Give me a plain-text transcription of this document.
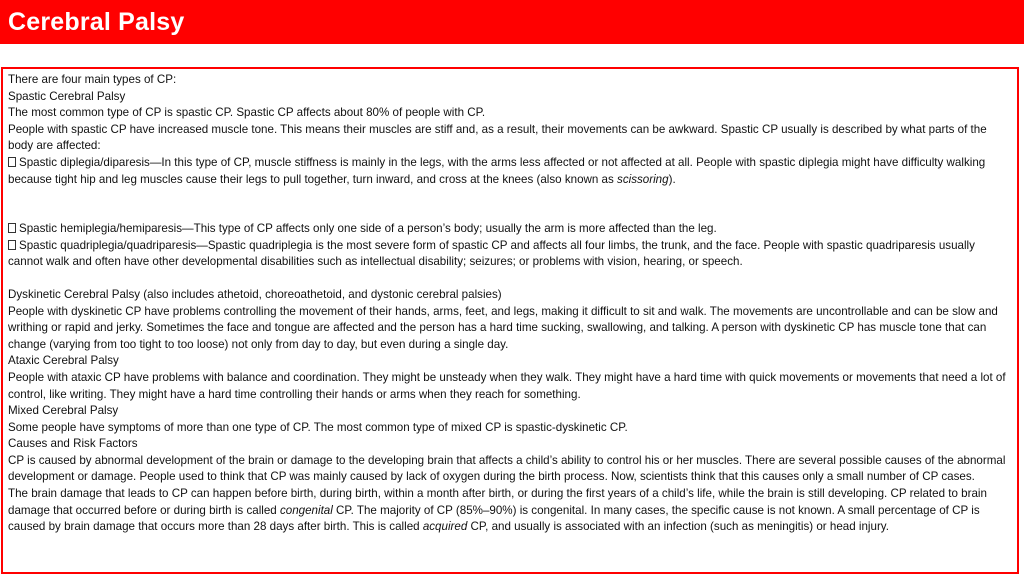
Cerebral Palsy

There are four main types of CP:

Spastic Cerebral Palsy

The most common type of CP is spastic CP. Spastic CP affects about 80% of people with CP.

People with spastic CP have increased muscle tone. This means their muscles are stiff and, as a result, their movements can be awkward. Spastic CP usually is described by what parts of the body are affected:

Spastic diplegia/diparesis—In this type of CP, muscle stiffness is mainly in the legs, with the arms less affected or not affected at all. People with spastic diplegia might have difficulty walking because tight hip and leg muscles cause their legs to pull together, turn inward, and cross at the knees (also known as scissoring).

Spastic hemiplegia/hemiparesis—This type of CP affects only one side of a person’s body; usually the arm is more affected than the leg.

Spastic quadriplegia/quadriparesis—Spastic quadriplegia is the most severe form of spastic CP and affects all four limbs, the trunk, and the face. People with spastic quadriparesis usually cannot walk and often have other developmental disabilities such as intellectual disability; seizures; or problems with vision, hearing, or speech.

Dyskinetic Cerebral Palsy (also includes athetoid, choreoathetoid, and dystonic cerebral palsies)

People with dyskinetic CP have problems controlling the movement of their hands, arms, feet, and legs, making it difficult to sit and walk. The movements are uncontrollable and can be slow and writhing or rapid and jerky. Sometimes the face and tongue are affected and the person has a hard time sucking, swallowing, and talking. A person with dyskinetic CP has muscle tone that can change (varying from too tight to too loose) not only from day to day, but even during a single day.

Ataxic Cerebral Palsy

People with ataxic CP have problems with balance and coordination. They might be unsteady when they walk. They might have a hard time with quick movements or movements that need a lot of control, like writing. They might have a hard time controlling their hands or arms when they reach for something.

Mixed Cerebral Palsy

Some people have symptoms of more than one type of CP. The most common type of mixed CP is spastic-dyskinetic CP.

Causes and Risk Factors

CP is caused by abnormal development of the brain or damage to the developing brain that affects a child’s ability to control his or her muscles. There are several possible causes of the abnormal development or damage. People used to think that CP was mainly caused by lack of oxygen during the birth process. Now, scientists think that this causes only a small number of CP cases.

The brain damage that leads to CP can happen before birth, during birth, within a month after birth, or during the first years of a child’s life, while the brain is still developing. CP related to brain damage that occurred before or during birth is called congenital CP. The majority of CP (85%–90%) is congenital. In many cases, the specific cause is not known. A small percentage of CP is caused by brain damage that occurs more than 28 days after birth. This is called acquired CP, and usually is associated with an infection (such as meningitis) or head injury.
